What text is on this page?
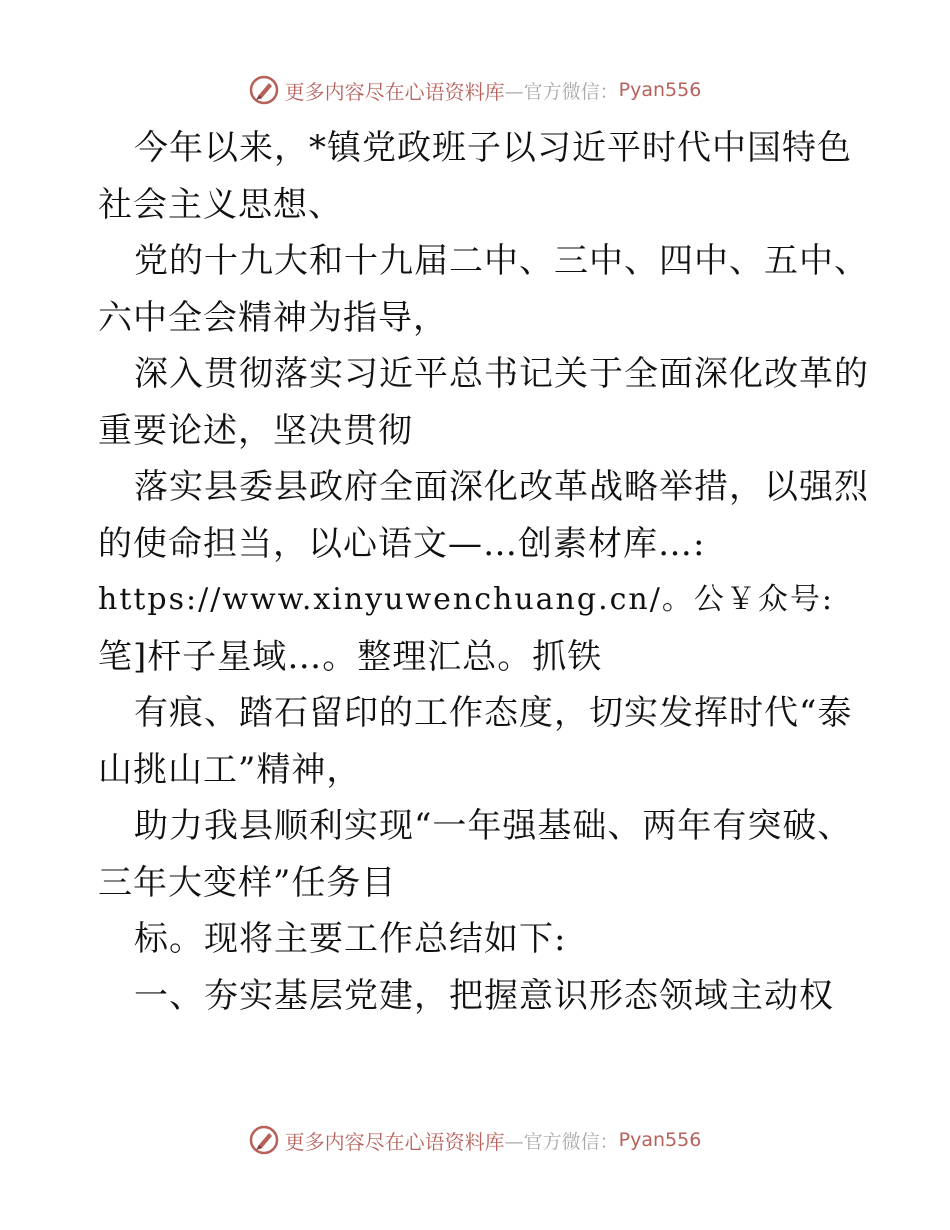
更多内容尽在心语资料库 —官方微信： Pyan556
今年以来，*镇党政班子以习近平时代中国特色
社会主义思想、
党的十九大和十九届二中、三中、四中、五中、
六中全会精神为指导，
深入贯彻落实习近平总书记关于全面深化改革的
重要论述，坚决贯彻
落实县委县政府全面深化改革战略举措，以强烈
的使命担当，以心语文—…创素材库…:
https://www.xinyuwenchuang.cn/。公￥众号:
笔]杆子星域…。整理汇总。抓铁
有痕、踏石留印的工作态度，切实发挥时代“泰
山挑山工”精神，
助力我县顺利实现“一年强基础、两年有突破、
三年大变样”任务目
标。现将主要工作总结如下:
一、夯实基层党建，把握意识形态领域主动权
更多内容尽在心语资料库 —官方微信： Pyan556
